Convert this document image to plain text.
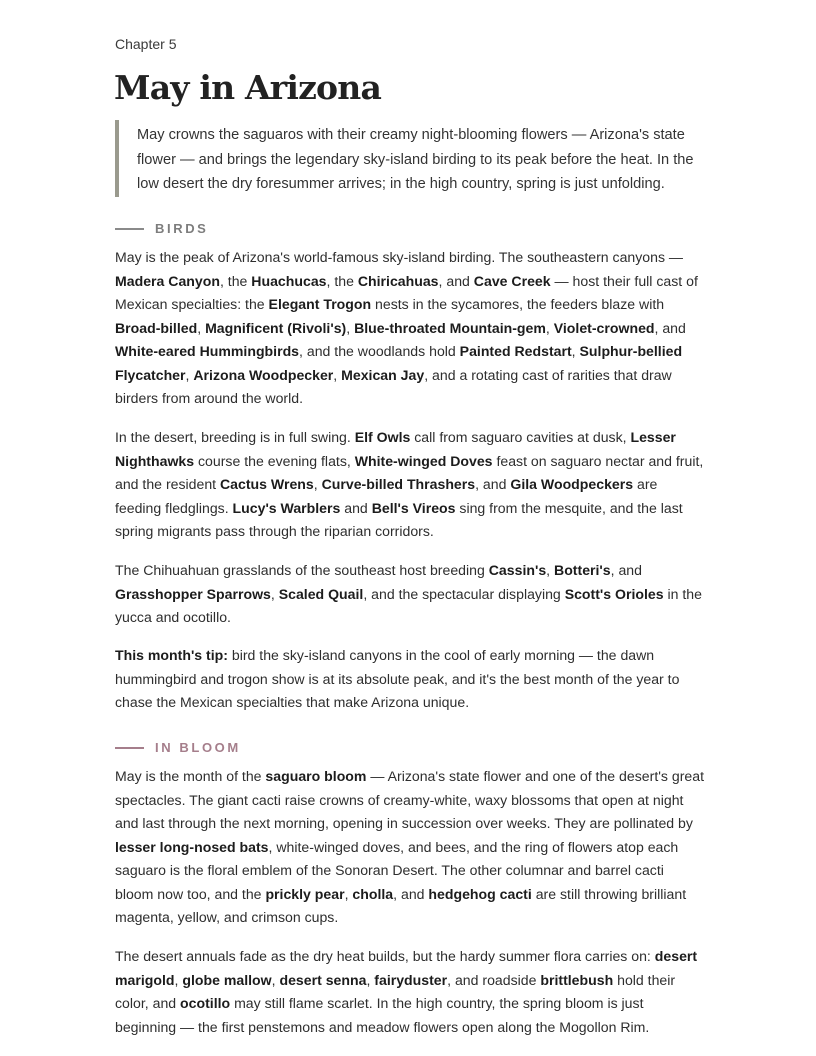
Chapter 5
May in Arizona
May crowns the saguaros with their creamy night-blooming flowers — Arizona's state flower — and brings the legendary sky-island birding to its peak before the heat. In the low desert the dry foresummer arrives; in the high country, spring is just unfolding.
BIRDS

May is the peak of Arizona's world-famous sky-island birding. The southeastern canyons — Madera Canyon, the Huachucas, the Chiricahuas, and Cave Creek — host their full cast of Mexican specialties: the Elegant Trogon nests in the sycamores, the feeders blaze with Broad-billed, Magnificent (Rivoli's), Blue-throated Mountain-gem, Violet-crowned, and White-eared Hummingbirds, and the woodlands hold Painted Redstart, Sulphur-bellied Flycatcher, Arizona Woodpecker, Mexican Jay, and a rotating cast of rarities that draw birders from around the world.

In the desert, breeding is in full swing. Elf Owls call from saguaro cavities at dusk, Lesser Nighthawks course the evening flats, White-winged Doves feast on saguaro nectar and fruit, and the resident Cactus Wrens, Curve-billed Thrashers, and Gila Woodpeckers are feeding fledglings. Lucy's Warblers and Bell's Vireos sing from the mesquite, and the last spring migrants pass through the riparian corridors.

The Chihuahuan grasslands of the southeast host breeding Cassin's, Botteri's, and Grasshopper Sparrows, Scaled Quail, and the spectacular displaying Scott's Orioles in the yucca and ocotillo.

This month's tip: bird the sky-island canyons in the cool of early morning — the dawn hummingbird and trogon show is at its absolute peak, and it's the best month of the year to chase the Mexican specialties that make Arizona unique.

IN BLOOM

May is the month of the saguaro bloom — Arizona's state flower and one of the desert's great spectacles. The giant cacti raise crowns of creamy-white, waxy blossoms that open at night and last through the next morning, opening in succession over weeks. They are pollinated by lesser long-nosed bats, white-winged doves, and bees, and the ring of flowers atop each saguaro is the floral emblem of the Sonoran Desert. The other columnar and barrel cacti bloom now too, and the prickly pear, cholla, and hedgehog cacti are still throwing brilliant magenta, yellow, and crimson cups.

The desert annuals fade as the dry heat builds, but the hardy summer flora carries on: desert marigold, globe mallow, desert senna, fairyduster, and roadside brittlebush hold their color, and ocotillo may still flame scarlet. In the high country, the spring bloom is just beginning — the first penstemons and meadow flowers open along the Mogollon Rim.
